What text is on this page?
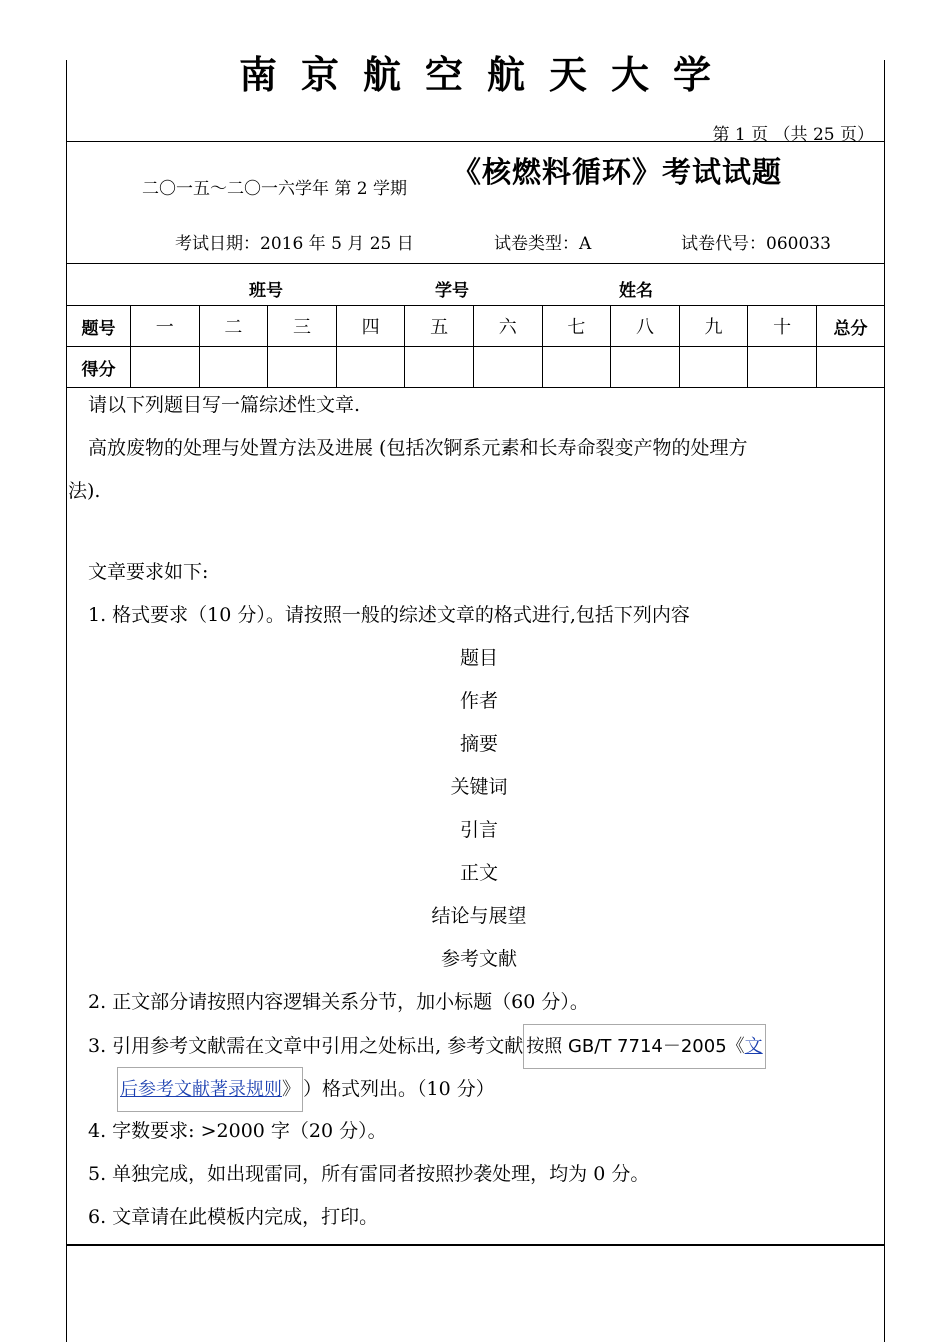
南京航空航天大学
第 1 页 （共 25 页）
二〇一五～二〇一六学年 第 2 学期 《核燃料循环》考试试题
考试日期：2016 年 5 月 25 日	试卷类型：A	试卷代号：060033
班号	学号	姓名
题号	一	二	三	四	五	六	七	八	九	十	总分
得分											
请以下列题目写一篇综述性文章.
高放废物的处理与处置方法及进展 (包括次锕系元素和长寿命裂变产物的处理方
法).
文章要求如下:
1. 格式要求（10 分）。请按照一般的综述文章的格式进行,包括下列内容
题目
作者
摘要
关键词
引言
正文
结论与展望
参考文献
2. 正文部分请按照内容逻辑关系分节，加小标题（60 分）。
3. 引用参考文献需在文章中引用之处标出, 参考文献 按照 GB/T 7714－2005《文
后参考文献著录规则》 ）格式列出。（10 分）
4. 字数要求: >2000 字（20 分）。
5. 单独完成，如出现雷同，所有雷同者按照抄袭处理，均为 0 分。
6. 文章请在此模板内完成，打印。
